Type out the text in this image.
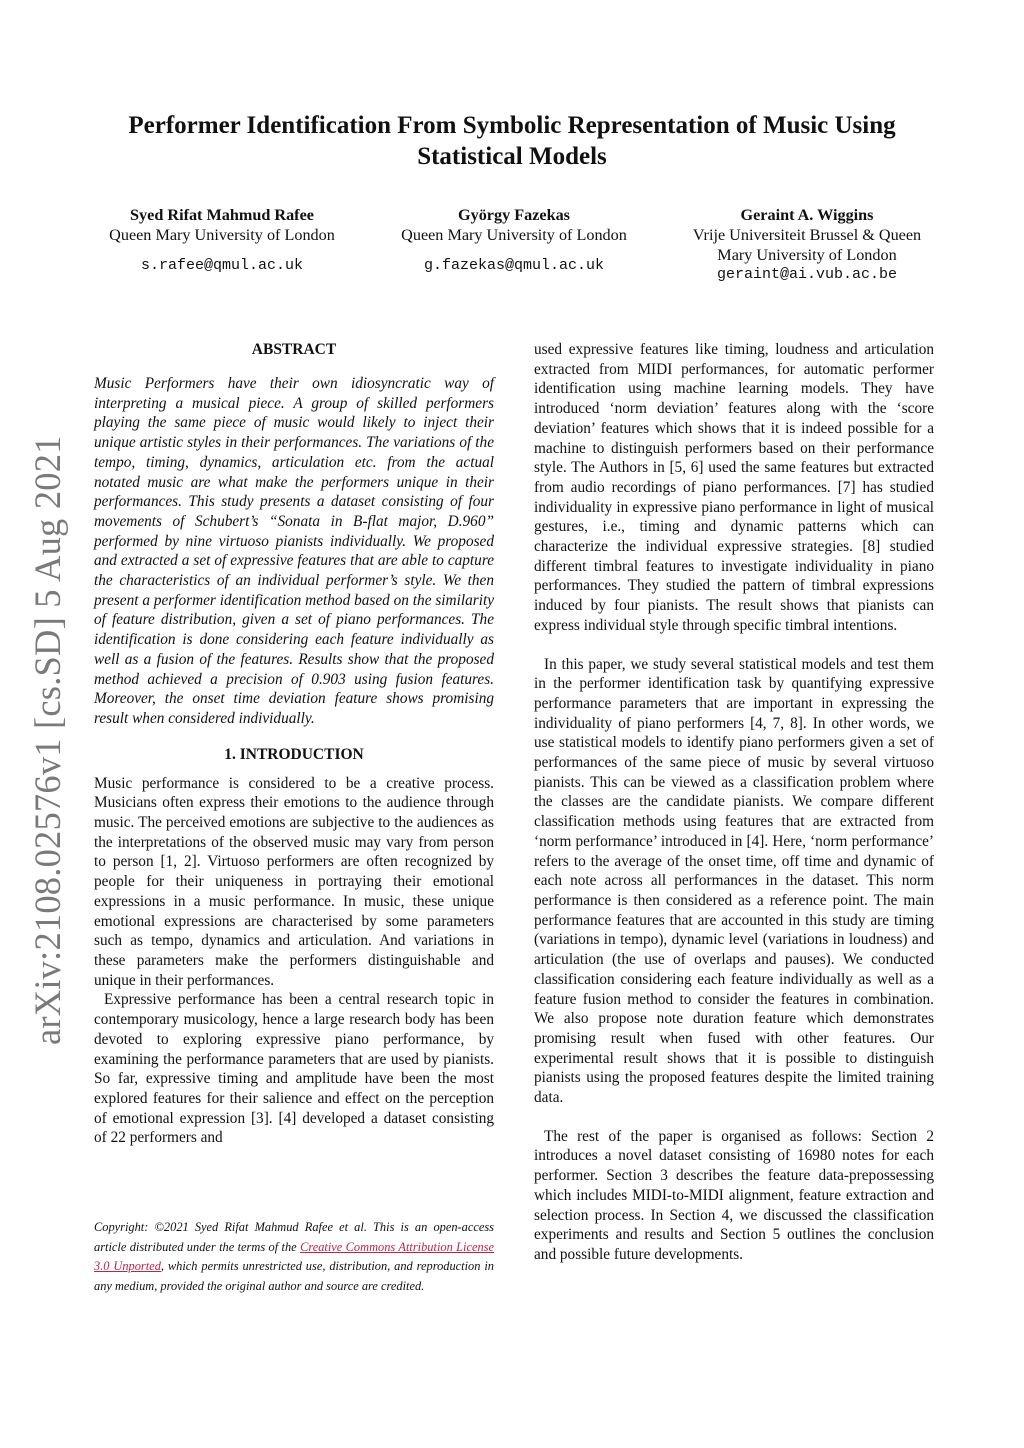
arXiv:2108.02576v1 [cs.SD] 5 Aug 2021
Performer Identification From Symbolic Representation of Music Using Statistical Models
Syed Rifat Mahmud Rafee
Queen Mary University of London
s.rafee@qmul.ac.uk
György Fazekas
Queen Mary University of London
g.fazekas@qmul.ac.uk
Geraint A. Wiggins
Vrije Universiteit Brussel & Queen Mary University of London
geraint@ai.vub.ac.be
ABSTRACT

Music Performers have their own idiosyncratic way of interpreting a musical piece. A group of skilled performers playing the same piece of music would likely to inject their unique artistic styles in their performances. The variations of the tempo, timing, dynamics, articulation etc. from the actual notated music are what make the performers unique in their performances. This study presents a dataset consisting of four movements of Schubert’s “Sonata in B-flat major, D.960” performed by nine virtuoso pianists individually. We proposed and extracted a set of expressive features that are able to capture the characteristics of an individual performer’s style. We then present a performer identification method based on the similarity of feature distribution, given a set of piano performances. The identification is done considering each feature individually as well as a fusion of the features. Results show that the proposed method achieved a precision of 0.903 using fusion features. Moreover, the onset time deviation feature shows promising result when considered individually.

1. INTRODUCTION

Music performance is considered to be a creative process. Musicians often express their emotions to the audience through music. The perceived emotions are subjective to the audiences as the interpretations of the observed music may vary from person to person [1, 2]. Virtuoso performers are often recognized by people for their uniqueness in portraying their emotional expressions in a music performance. In music, these unique emotional expressions are characterised by some parameters such as tempo, dynamics and articulation. And variations in these parameters make the performers distinguishable and unique in their performances.

Expressive performance has been a central research topic in contemporary musicology, hence a large research body has been devoted to exploring expressive piano performance, by examining the performance parameters that are used by pianists. So far, expressive timing and amplitude have been the most explored features for their salience and effect on the perception of emotional expression [3]. [4] developed a dataset consisting of 22 performers and

Copyright: ©2021 Syed Rifat Mahmud Rafee et al. This is an open-access article distributed under the terms of the Creative Commons Attribution License 3.0 Unported, which permits unrestricted use, distribution, and reproduction in any medium, provided the original author and source are credited.

used expressive features like timing, loudness and articulation extracted from MIDI performances, for automatic performer identification using machine learning models. They have introduced ‘norm deviation’ features along with the ‘score deviation’ features which shows that it is indeed possible for a machine to distinguish performers based on their performance style. The Authors in [5, 6] used the same features but extracted from audio recordings of piano performances. [7] has studied individuality in expressive piano performance in light of musical gestures, i.e., timing and dynamic patterns which can characterize the individual expressive strategies. [8] studied different timbral features to investigate individuality in piano performances. They studied the pattern of timbral expressions induced by four pianists. The result shows that pianists can express individual style through specific timbral intentions.

In this paper, we study several statistical models and test them in the performer identification task by quantifying expressive performance parameters that are important in expressing the individuality of piano performers [4, 7, 8]. In other words, we use statistical models to identify piano performers given a set of performances of the same piece of music by several virtuoso pianists. This can be viewed as a classification problem where the classes are the candidate pianists. We compare different classification methods using features that are extracted from ‘norm performance’ introduced in [4]. Here, ‘norm performance’ refers to the average of the onset time, off time and dynamic of each note across all performances in the dataset. This norm performance is then considered as a reference point. The main performance features that are accounted in this study are timing (variations in tempo), dynamic level (variations in loudness) and articulation (the use of overlaps and pauses). We conducted classification considering each feature individually as well as a feature fusion method to consider the features in combination. We also propose note duration feature which demonstrates promising result when fused with other features. Our experimental result shows that it is possible to distinguish pianists using the proposed features despite the limited training data.

The rest of the paper is organised as follows: Section 2 introduces a novel dataset consisting of 16980 notes for each performer. Section 3 describes the feature data-prepossessing which includes MIDI-to-MIDI alignment, feature extraction and selection process. In Section 4, we discussed the classification experiments and results and Section 5 outlines the conclusion and possible future developments.
